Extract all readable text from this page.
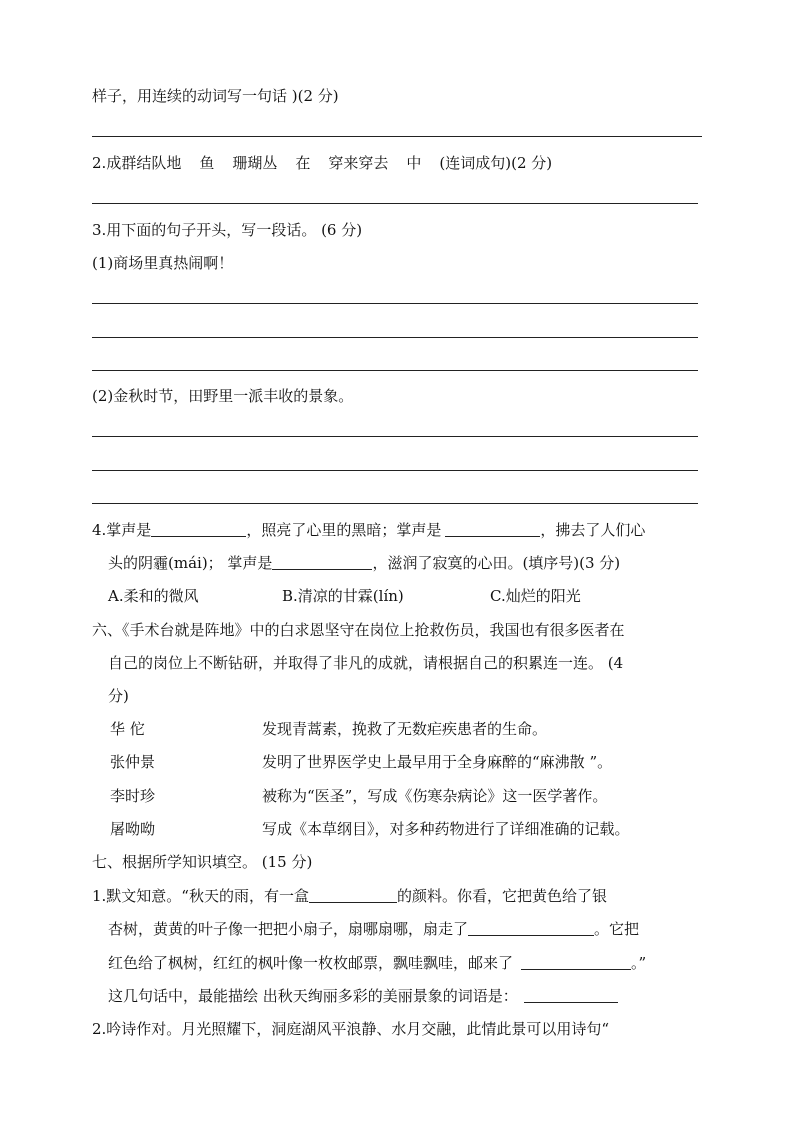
样子，用连续的动词写一句话 )(2 分)
2.成群结队地 鱼 珊瑚丛 在 穿来穿去 中 (连词成句)(2 分)
3.用下面的句子开头，写一段话。 (6 分)
(1)商场里真热闹啊！
(2)金秋时节，田野里一派丰收的景象。
4.掌声是	，照亮了心里的黑暗；掌声是	，拂去了人们心
头的阴霾(mái)； 掌声是	，滋润了寂寞的心田。(填序号)(3 分)
A.柔和的微风	B.清凉的甘霖(lín)	C.灿烂的阳光
六、《手术台就是阵地》中的白求恩坚守在岗位上抢救伤员，我国也有很多医者在
自己的岗位上不断钻研，并取得了非凡的成就，请根据自己的积累连一连。 (4
分)
华 佗	发现青蒿素，挽救了无数疟疾患者的生命。
张仲景	发明了世界医学史上最早用于全身麻醉的“麻沸散 ”。
李时珍	被称为“医圣”，写成《伤寒杂病论》这一医学著作。
屠呦呦	写成《本草纲目》，对多种药物进行了详细准确的记载。
七、根据所学知识填空。 (15 分)
1.默文知意。“秋天的雨，有一盒	的颜料。你看，它把黄色给了银
杏树，黄黄的叶子像一把把小扇子，扇哪扇哪，扇走了	。它把
红色给了枫树，红红的枫叶像一枚枚邮票，飘哇飘哇，邮来了	。”
这几句话中，最能描绘 出秋天绚丽多彩的美丽景象的词语是：
2.吟诗作对。月光照耀下，洞庭湖风平浪静、水月交融，此情此景可以用诗句“
